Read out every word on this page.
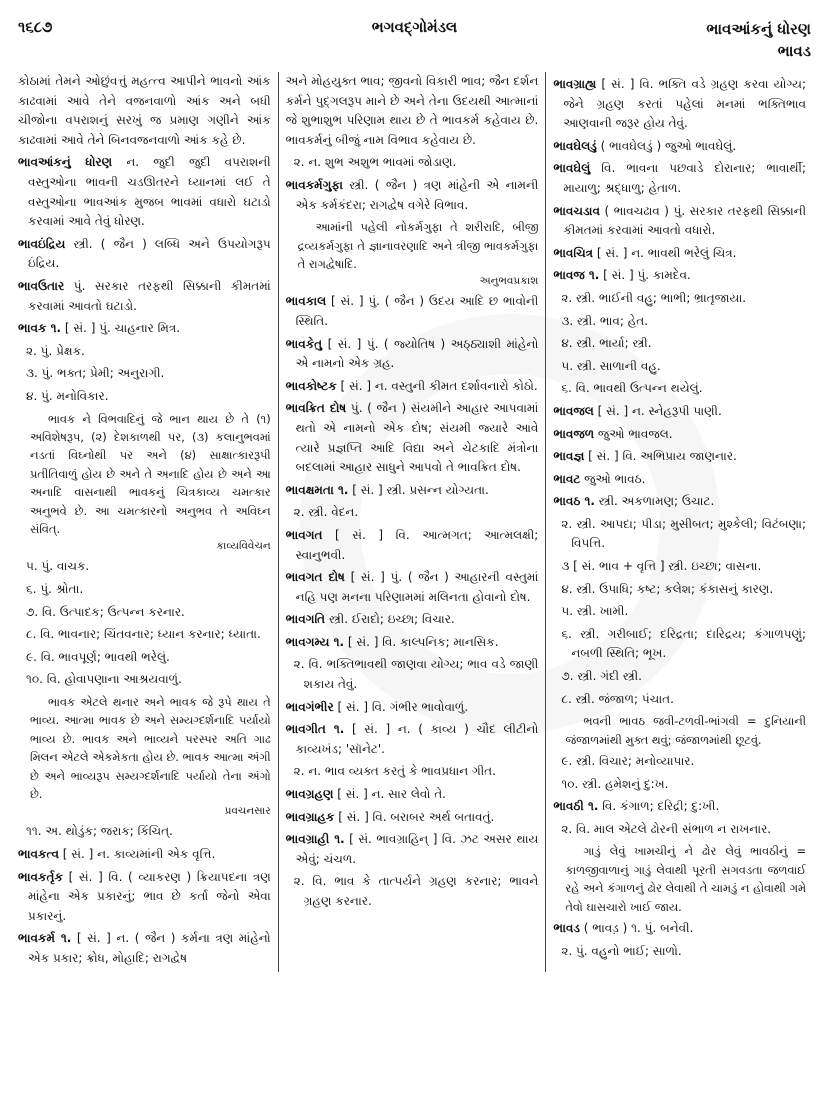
૧૬૮૭	ભગવદ્ગોમંડલ	ભાવઆંકનું ધોરણ
ભાવડ

કોઠામાં તેમને ઓછુંવત્તું મહત્ત્વ આપીને ભાવનો આંક કાઢવામાં આવે તેને વજનવાળો આંક અને બધી ચીજોના વપરાશનું સરખું જ પ્રમાણ ગણીને આંક કાઢવામાં આવે તેને બિનવજનવાળો આંક કહે છે.

ભાવઆંકનું ધોરણ ન. જુદી જુદી વપરાશની વસ્તુઓના ભાવની ચડઊતરને ધ્યાનમાં લઈ તે વસ્તુઓના ભાવઆંક મુજબ ભાવમાં વધારો ઘટાડો કરવામાં આવે તેવું ધોરણ.

ભાવઇંદ્રિય સ્ત્રી. ( જૈન ) લબ્ધિ અને ઉપયોગરૂપ ઇંદ્રિય.

ભાવઉતાર પું. સરકાર તરફથી સિક્કાની કીમતમાં કરવામાં આવતો ઘટાડો.

ભાવક ૧. [ સં. ] પું. ચાહનાર મિત્ર.

૨. પું. પ્રેક્ષક.

૩. પું. ભક્ત; પ્રેમી; અનુરાગી.

૪. પું. મનોવિકાર.

ભાવક ને વિભવાદિનું જે ભાન થાય છે તે (૧) અવિશેષરૂપ, (૨) દેશકાળથી પર, (૩) કલાનુભવમાં નડતાં વિઘ્નોથી પર અને (૪) સાક્ષાત્કારરૂપી પ્રતીતિવાળું હોય છે અને તે અનાદિ હોય છે અને આ અનાદિ વાસનાથી ભાવકનું ચિત્રકાવ્ય ચમત્કાર અનુભવે છે. આ ચમત્કારનો અનુભવ તે અવિઘ્ન સંવિત્.

કાવ્યવિવેચન

૫. પું. વાચક.

૬. પું. શ્રોતા.

૭. વિ. ઉત્પાદક; ઉત્પન્ન કરનાર.

૮. વિ. ભાવનાર; ચિંતવનાર; ધ્યાન કરનાર; ધ્યાતા.

૯. વિ. ભાવપૂર્ણ; ભાવથી ભરેલું.

૧૦. વિ. હોવાપણાના આશ્રયવાળું.

ભાવક એટલે થનાર અને ભાવક જે રૂપે થાય તે ભાવ્ય. આત્મા ભાવક છે અને સમ્યગ્દર્શનાદિ પર્યાયો ભાવ્ય છે. ભાવક અને ભાવ્યને પરસ્પર અતિ ગાઢ મિલન એટલે એકમેકતા હોય છે. ભાવક આત્મા અંગી છે અને ભાવ્યરૂપ સમ્યગ્દર્શનાદિ પર્યાયો તેના અંગો છે.

પ્રવચનસાર

૧૧. અ. થોડુંક; જરાક; કિંચિત્.

ભાવકત્વ [ સં. ] ન. કાવ્યમાંની એક વૃત્તિ.

ભાવકર્તૃક [ સં. ] વિ. ( વ્યાકરણ ) ક્રિયાપદના ત્રણ માંહેના એક પ્રકારનું; ભાવ છે કર્તા જેનો એવા પ્રકારનું.

ભાવકર્મ ૧. [ સં. ] ન. ( જૈન ) કર્મના ત્રણ માંહેનો એક પ્રકાર; ક્રોધ, મોહાદિ; રાગદ્વેષ

અને મોહયુક્ત ભાવ; જીવનો વિકારી ભાવ; જૈન દર્શન કર્મને પુદ્ગલરૂપ માને છે અને તેના ઉદયથી આત્માનાં જે શુભાશુભ પરિણામ થાય છે તે ભાવકર્મ કહેવાય છે. ભાવકર્મનું બીજું નામ વિભાવ કહેવાય છે.

૨. ન. શુભ અશુભ ભાવમાં જોડાણ.

ભાવકર્મગુફા સ્ત્રી. ( જૈન ) ત્રણ માંહેની એ નામની એક કર્મકંદરા; રાગદ્વેષ વગેરે વિભાવ.

આમાંની પહેલી નોકર્મગુફા તે શરીરાદિ, બીજી દ્રવ્યકર્મગુફા તે જ્ઞાનાવરણાદિ અને ત્રીજી ભાવકર્મગુફા તે રાગદ્વેષાદિ.

અનુભવપ્રકાશ

ભાવકાલ [ સં. ] પું. ( જૈન ) ઉદય આદિ છ ભાવોની સ્થિતિ.

ભાવકેતુ [ સં. ] પું. ( જ્યોતિષ ) અઠ્ઠ્યાશી માંહેનો એ નામનો એક ગ્રહ.

ભાવકોષ્ટક [ સં. ] ન. વસ્તુની કીમત દર્શાવનારો કોઠો.

ભાવક્રિત દોષ પું. ( જૈન ) સંયમીને આહાર આપવામાં થતો એ નામનો એક દોષ; સંયમી જ્યારે આવે ત્યારે પ્રજ્ઞપ્તિ આદિ વિદ્યા અને ચેટકાદિ મંત્રોના બદલામાં આહાર સાધુને આપવો તે ભાવક્રિત દોષ.

ભાવક્ષમતા ૧. [ સં. ] સ્ત્રી. પ્રસન્ન યોગ્યતા.

૨. સ્ત્રી. વેદન.

ભાવગત [ સં. ] વિ. આત્મગત; આત્મલક્ષી; સ્વાનુભવી.

ભાવગત દોષ [ સં. ] પું. ( જૈન ) આહારની વસ્તુમાં નહિ પણ મનના પરિણામમાં મલિનતા હોવાનો દોષ.

ભાવગતિ સ્ત્રી. ઈરાદો; ઇચ્છા; વિચાર.

ભાવગમ્ય ૧. [ સં. ] વિ. કાલ્પનિક; માનસિક.

૨. વિ. ભક્તિભાવથી જાણવા યોગ્ય; ભાવ વડે જાણી શકાય તેવું.

ભાવગંભીર [ સં. ] વિ. ગંભીર ભાવોવાળું.

ભાવગીત ૧. [ સં. ] ન. ( કાવ્ય ) ચૌદ લીટીનો કાવ્યખંડ; 'સૉનેટ'.

૨. ન. ભાવ વ્યક્ત કરતું કે ભાવપ્રધાન ગીત.

ભાવગ્રહણ [ સં. ] ન. સાર લેવો તે.

ભાવગ્રાહક [ સં. ] વિ. બરાબર અર્થ બતાવતું.

ભાવગ્રાહી ૧. [ સં. ભાવગ્રાહિન્ ] વિ. ઝટ અસર થાય એવું; ચંચળ.

૨. વિ. ભાવ કે તાત્પર્યને ગ્રહણ કરનાર; ભાવને ગ્રહણ કરનાર.

ભાવગ્રાહ્ય [ સં. ] વિ. ભક્તિ વડે ગ્રહણ કરવા યોગ્ય; જેને ગ્રહણ કરતાં પહેલાં મનમાં ભક્તિભાવ આણવાની જરૂર હોય તેવું.

ભાવઘેલડું ( ભાવઘેલડું ) જુઓ ભાવઘેલું.

ભાવઘેલું વિ. ભાવના પછવાડે દોરાનાર; ભાવાર્થી; માયાળુ; શ્રદ્ધાળુ; હેતાળ.

ભાવચડાવ ( ભાવચઢાવ ) પું. સરકાર તરફથી સિક્કાની કીમતમાં કરવામાં આવતો વધારો.

ભાવચિત્ર [ સં. ] ન. ભાવથી ભરેલું ચિત્ર.

ભાવજ ૧. [ સં. ] પું. કામદેવ.

૨. સ્ત્રી. ભાઈની વહુ; ભાભી; ભ્રાતૃજાયા.

૩. સ્ત્રી. ભાવ; હેત.

૪. સ્ત્રી. ભાર્યા; સ્ત્રી.

૫. સ્ત્રી. સાળાની વહુ.

૬. વિ. ભાવથી ઉત્પન્ન થયેલું.

ભાવજલ [ સં. ] ન. સ્નેહરૂપી પાણી.

ભાવજળ જુઓ ભાવજલ.

ભાવજ્ઞ [ સં. ] વિ. અભિપ્રાય જાણનાર.

ભાવટ જુઓ ભાવઠ.

ભાવઠ ૧. સ્ત્રી. અકળામણ; ઉચાટ.

૨. સ્ત્રી. આપદા; પીડા; મુસીબત; મુશ્કેલી; વિટંબણા; વિપત્તિ.

૩ [ સં. ભાવ + વૃત્તિ ] સ્ત્રી. ઇચ્છા; વાસના.

૪. સ્ત્રી. ઉપાધિ; કષ્ટ; કલેશ; કંકાસનું કારણ.

૫. સ્ત્રી. ખામી.

૬. સ્ત્રી. ગરીબાઈ; દરિદ્રતા; દારિદ્રય; કંગાળપણું; નબળી સ્થિતિ; ભૂખ.

૭. સ્ત્રી. ગંદી સ્ત્રી.

૮. સ્ત્રી. જંજાળ; પંચાત.

ભવની ભાવઠ જવી-ટળવી-ભાંગવી = દુનિયાની જંજાળમાંથી મુક્ત થવું; જંજાળમાંથી છૂટવું.

૯. સ્ત્રી. વિચાર; મનોવ્યાપાર.

૧૦. સ્ત્રી. હમેશનું દુ:ખ.

ભાવઠી ૧. વિ. કંગાળ; દરિદ્રી; દુ:ખી.

૨. વિ. માલ એટલે ઢોરની સંભાળ ન રાખનાર.

ગાડું લેવું ખામચીનું ને ઢોર લેવું ભાવઠીનું = કાળજીવાળાનું ગાડું લેવાથી પૂરતી સગવડતા જળવાઈ રહે અને કંગાળનું ઢોર લેવાથી તે ચામડું ન હોવાથી ગમે તેવો ઘાસચારો ખાઈ જાય.

ભાવડ ( ભાવડ઼ ) ૧. પું. બનેવી.

૨. પું. વહુનો ભાઈ; સાળો.
